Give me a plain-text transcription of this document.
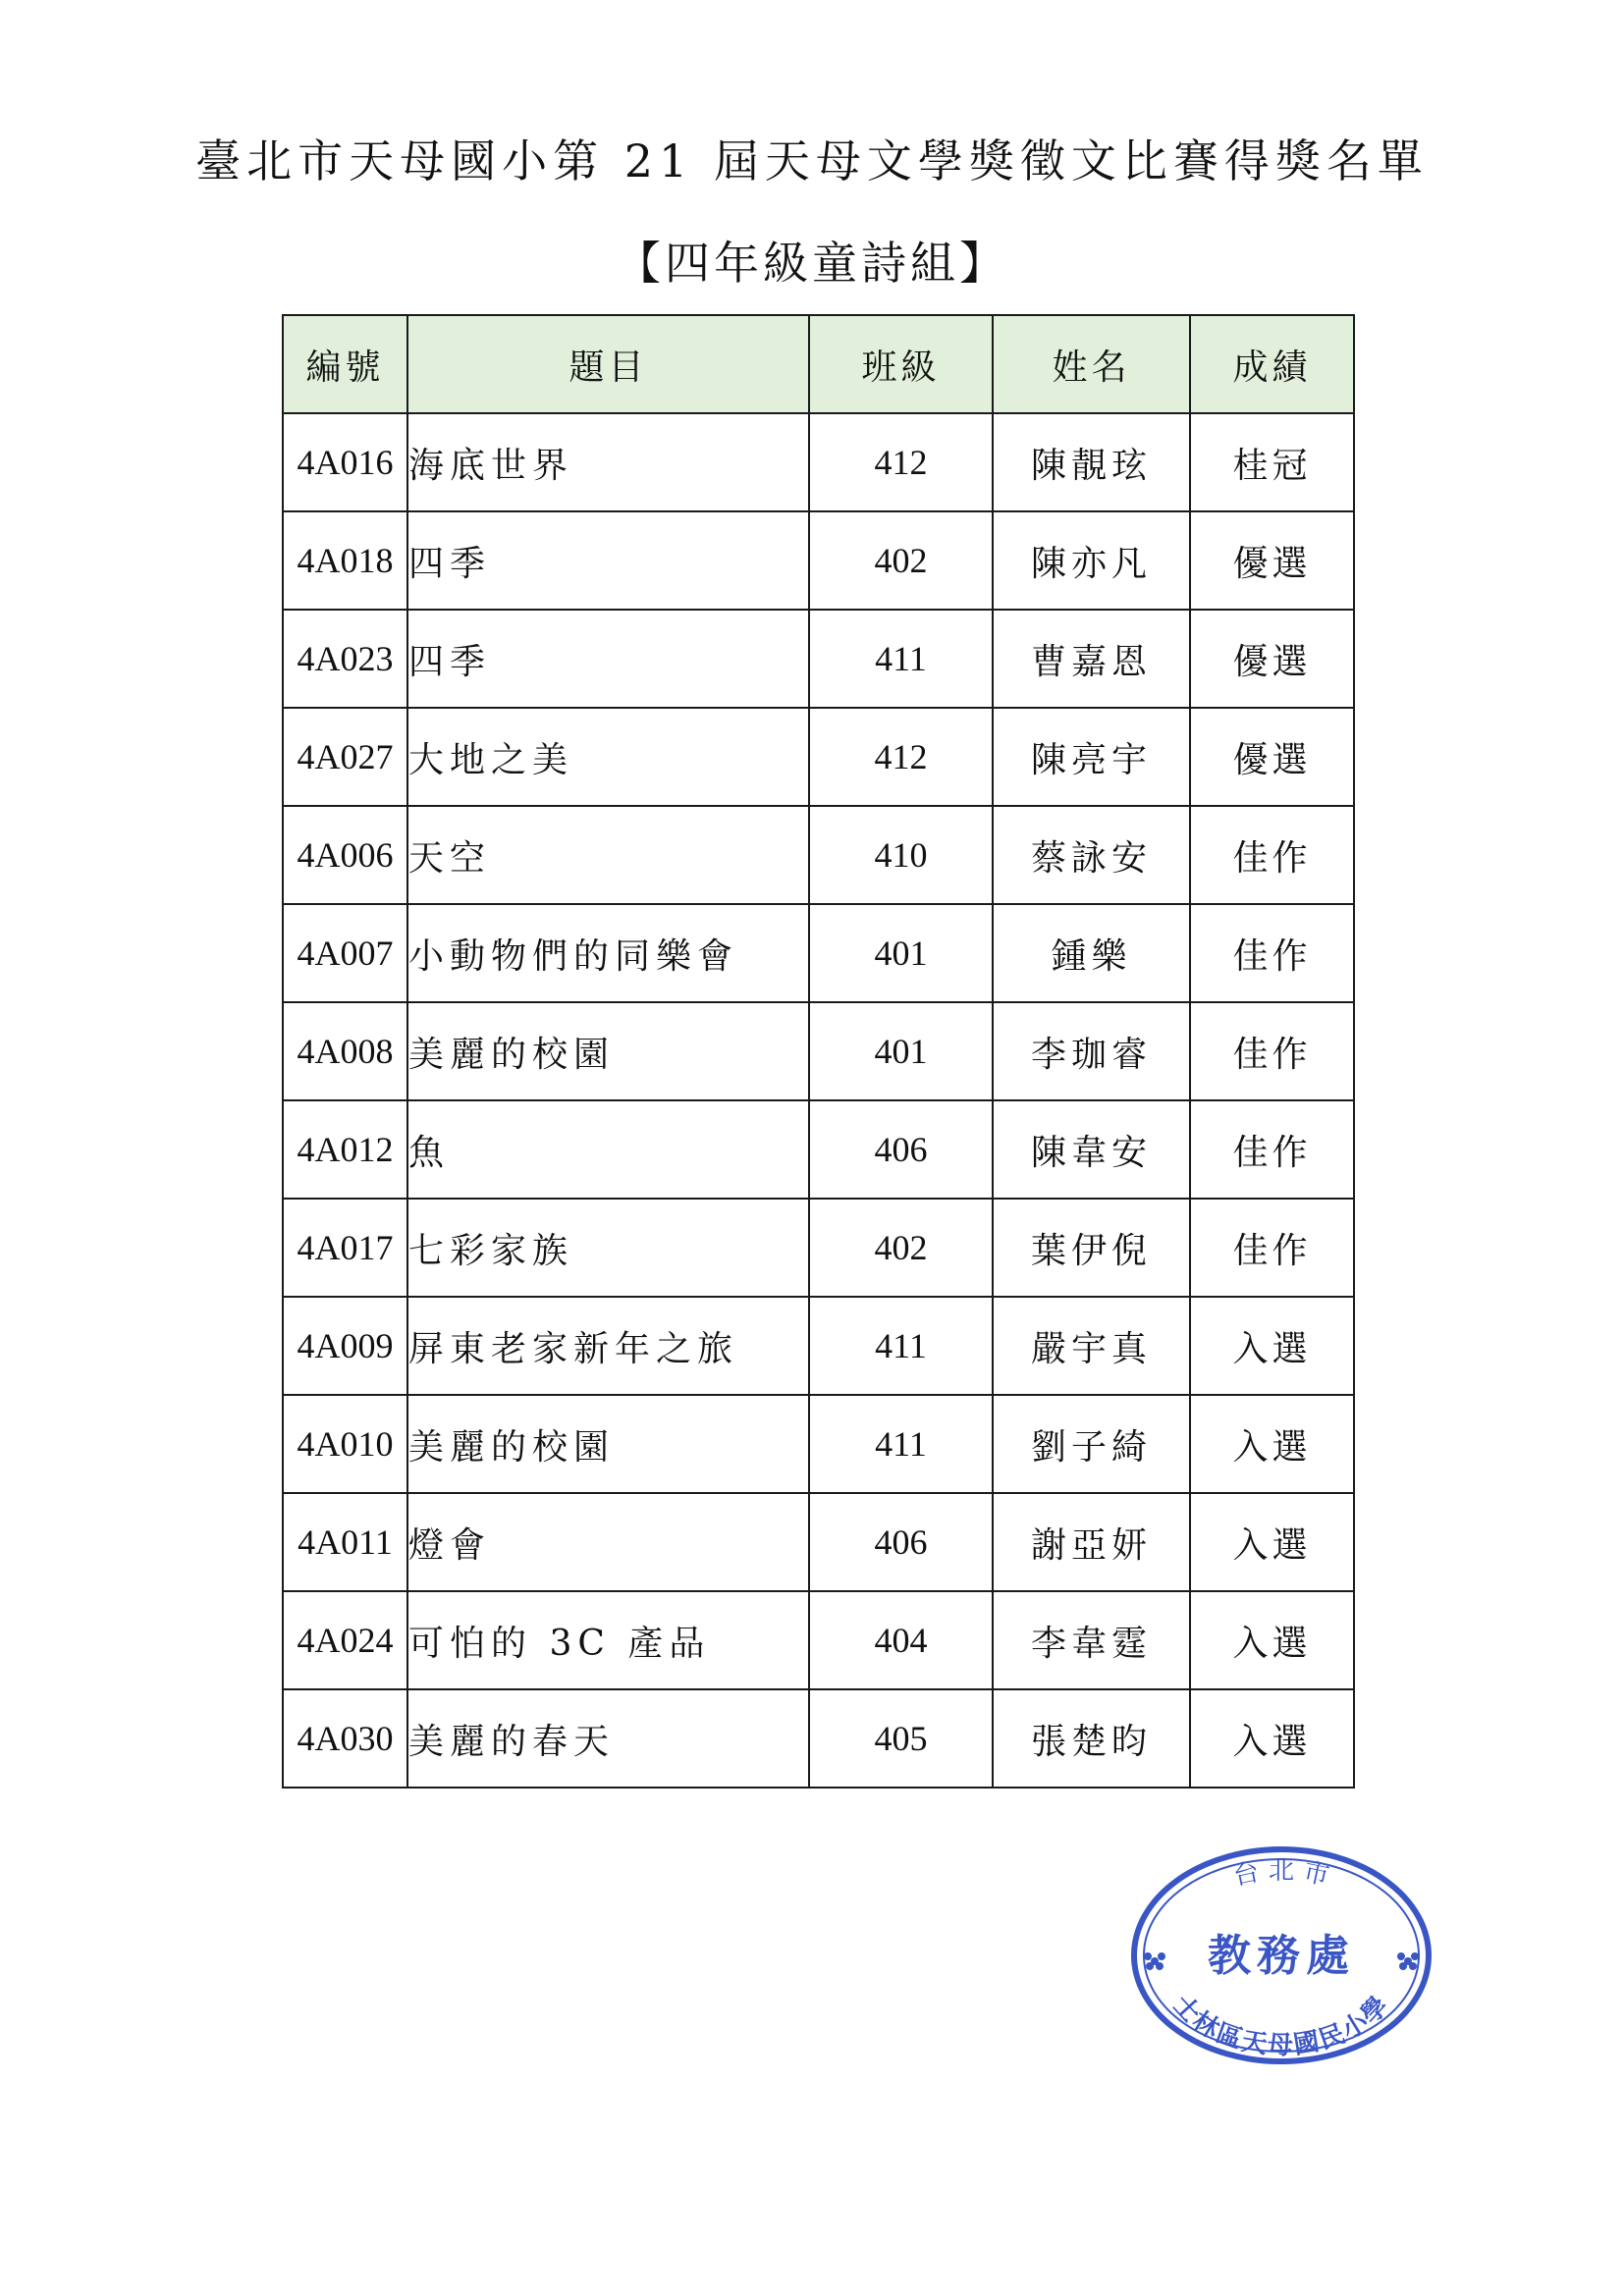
臺北市天母國小第 21 屆天母文學獎徵文比賽得獎名單
【四年級童詩組】
編號	題目	班級	姓名	成績
4A016	海底世界	412	陳靚玹	桂冠
4A018	四季	402	陳亦凡	優選
4A023	四季	411	曹嘉恩	優選
4A027	大地之美	412	陳亮宇	優選
4A006	天空	410	蔡詠安	佳作
4A007	小動物們的同樂會	401	鍾樂	佳作
4A008	美麗的校園	401	李珈睿	佳作
4A012	魚	406	陳韋安	佳作
4A017	七彩家族	402	葉伊倪	佳作
4A009	屏東老家新年之旅	411	嚴宇真	入選
4A010	美麗的校園	411	劉子綺	入選
4A011	燈會	406	謝亞妍	入選
4A024	可怕的 3C 產品	404	李韋霆	入選
4A030	美麗的春天	405	張楚昀	入選
台 北 市
教務處
士林區天母國民小學
